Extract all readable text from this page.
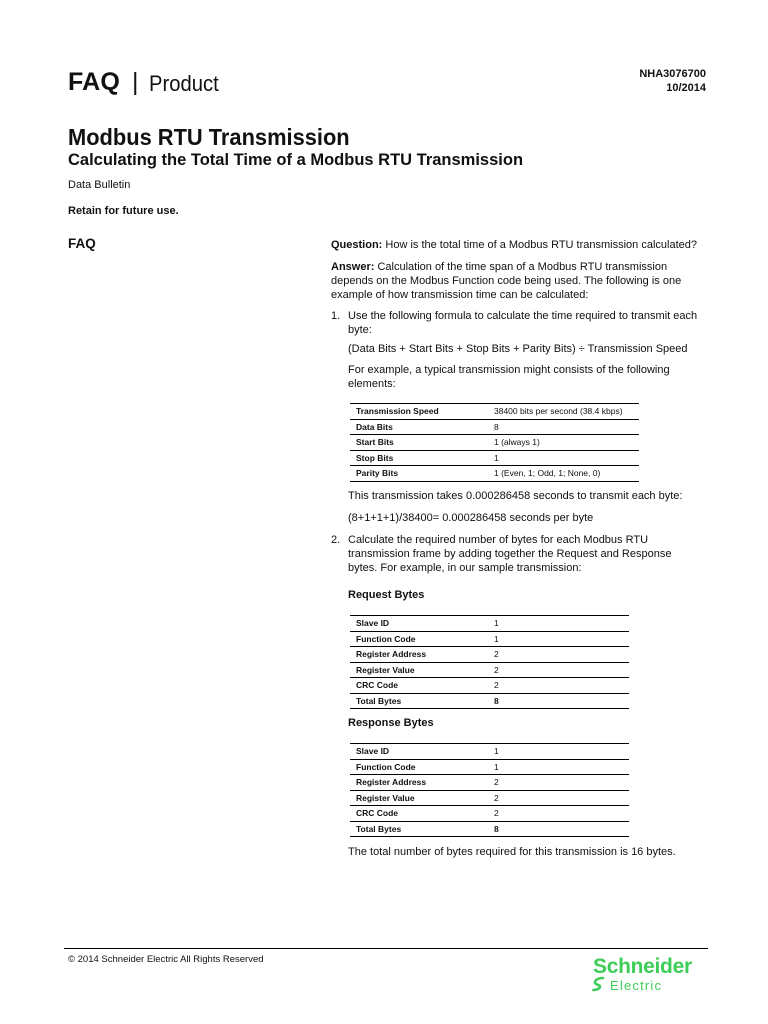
FAQ | Product	NHA3076700
10/2014
Modbus RTU Transmission
Calculating the Total Time of a Modbus RTU Transmission
Data Bulletin
Retain for future use.
FAQ	Question: How is the total time of a Modbus RTU transmission calculated?
Answer: Calculation of the time span of a Modbus RTU transmission depends on the Modbus Function code being used. The following is one example of how transmission time can be calculated:
1. Use the following formula to calculate the time required to transmit each byte:
(Data Bits + Start Bits + Stop Bits + Parity Bits) ÷ Transmission Speed
For example, a typical transmission might consists of the following elements:
Transmission Speed	38400 bits per second (38.4 kbps)
Data Bits	8
Start Bits	1 (always 1)
Stop Bits	1
Parity Bits	1 (Even, 1; Odd, 1; None, 0)
This transmission takes 0.000286458 seconds to transmit each byte:
(8+1+1+1)/38400= 0.000286458 seconds per byte
2. Calculate the required number of bytes for each Modbus RTU transmission frame by adding together the Request and Response bytes. For example, in our sample transmission:
Request Bytes
Slave ID	1
Function Code	1
Register Address	2
Register Value	2
CRC Code	2
Total Bytes	8
Response Bytes
Slave ID	1
Function Code	1
Register Address	2
Register Value	2
CRC Code	2
Total Bytes	8
The total number of bytes required for this transmission is 16 bytes.
© 2014 Schneider Electric All Rights Reserved	Schneider
Electric
